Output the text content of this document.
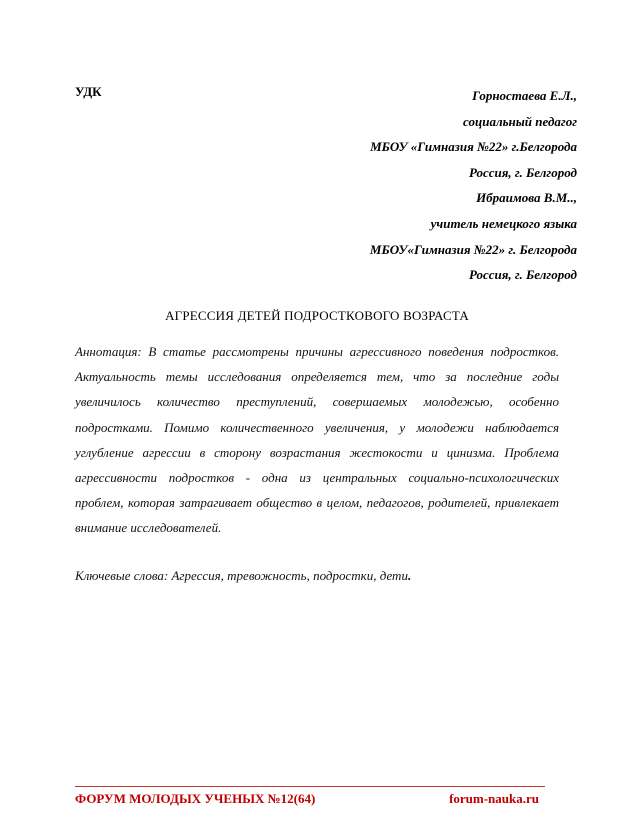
УДК	Горностаева Е.Л.,
социальный педагог
МБОУ «Гимназия №22» г.Белгорода
Россия, г. Белгород
Ибраимова В.М..,
учитель немецкого языка
МБОУ«Гимназия №22» г. Белгорода
Россия, г. Белгород
АГРЕССИЯ ДЕТЕЙ ПОДРОСТКОВОГО ВОЗРАСТА
Аннотация: В статье рассмотрены причины агрессивного поведения подростков. Актуальность темы исследования определяется тем, что за последние годы увеличилось количество преступлений, совершаемых молодежью, особенно подростками. Помимо количественного увеличения, у молодежи наблюдается углубление агрессии в сторону возрастания жестокости и цинизма. Проблема агрессивности подростков - одна из центральных социально-психологических проблем, которая затрагивает общество в целом, педагогов, родителей, привлекает внимание исследователей.
Ключевые слова: Агрессия, тревожность, подростки, дети.
ФОРУМ МОЛОДЫХ УЧЕНЫХ №12(64)	forum-nauka.ru
